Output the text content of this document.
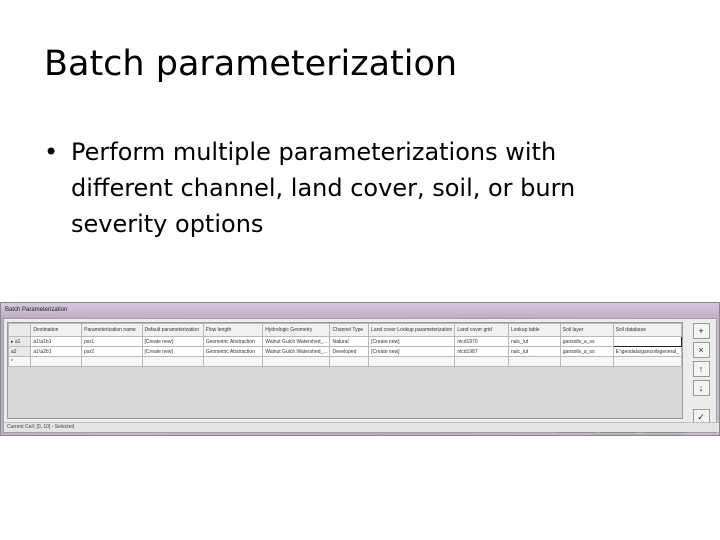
Batch parameterization
• Perform multiple parameterizations with different channel, land cover, soil, or burn severity options
Batch Parameterization
	Destination	Parameterization name	Default parameterization	Flow length	Hydrologic Geometry	Channel Type	Land cover Lookup parameterization	Land cover grid	Lookup table	Soil layer	Soil database
▸ a1	a1\a1b1	par1	[Create new]	Geometric Abstraction	Walnut Gulch Watershed_...	Natural	[Create new]	nlcd1970	nalc_lut	gansoils_a_ss	
a2	a1\a2b1	par2	[Create new]	Geometric Abstraction	Walnut Gulch Watershed_...	Developed	[Create new]	nlcd1987	nalc_lut	gansoils_a_ss	E:\geodata\gansoilsgeneral_
*											
+
×
↑
↓
✓
Current Cell: [0, 10] - Selected
